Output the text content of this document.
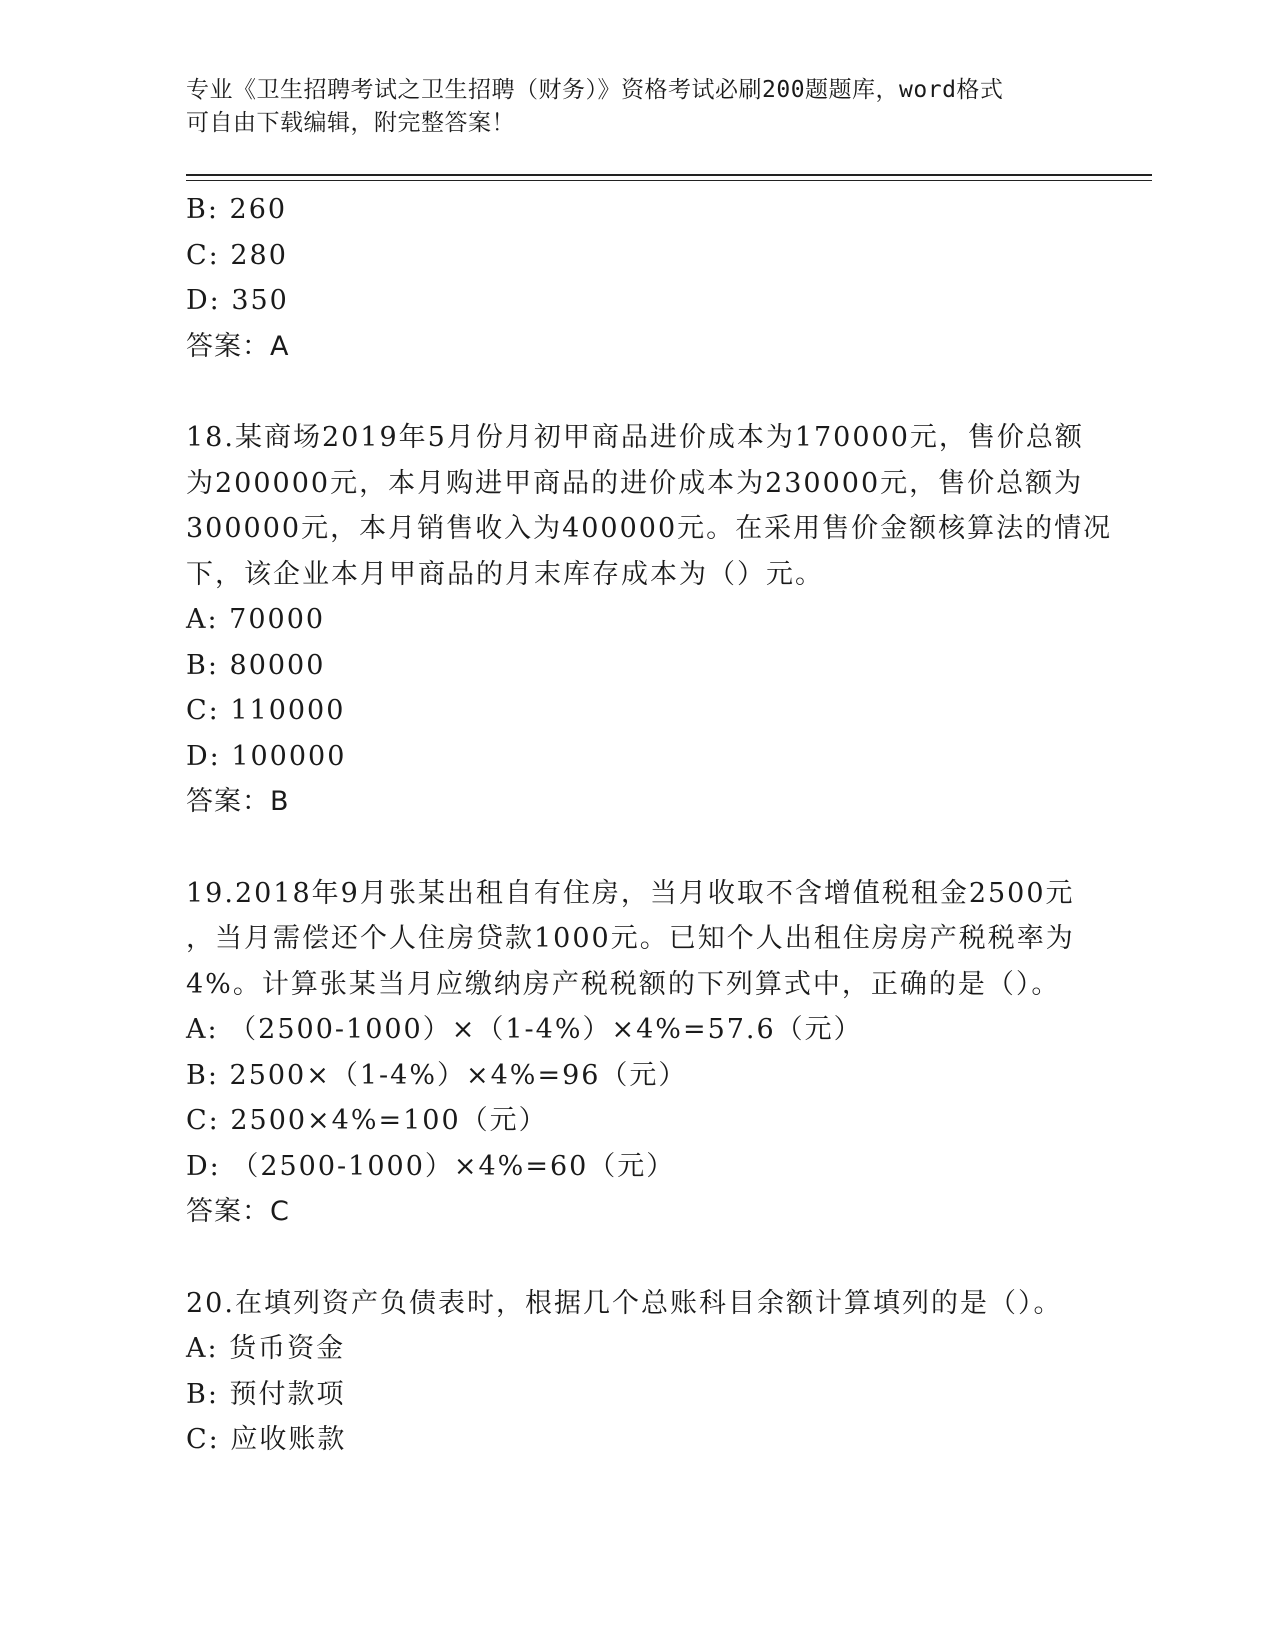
专业《卫生招聘考试之卫生招聘（财务）》资格考试必刷200题题库，word格式
可自由下载编辑，附完整答案！
B: 260
C: 280
D: 350
答案：A
18.某商场2019年5月份月初甲商品进价成本为170000元，售价总额
为200000元，本月购进甲商品的进价成本为230000元，售价总额为
300000元，本月销售收入为400000元。在采用售价金额核算法的情况
下，该企业本月甲商品的月末库存成本为（）元。
A: 70000
B: 80000
C: 110000
D: 100000
答案：B
19.2018年9月张某出租自有住房，当月收取不含增值税租金2500元
，当月需偿还个人住房贷款1000元。已知个人出租住房房产税税率为
4%。计算张某当月应缴纳房产税税额的下列算式中，正确的是（）。
A: （2500-1000）×（1-4%）×4%=57.6（元）
B: 2500×（1-4%）×4%=96（元）
C: 2500×4%=100（元）
D: （2500-1000）×4%=60（元）
答案：C
20.在填列资产负债表时，根据几个总账科目余额计算填列的是（）。
A: 货币资金
B: 预付款项
C: 应收账款
